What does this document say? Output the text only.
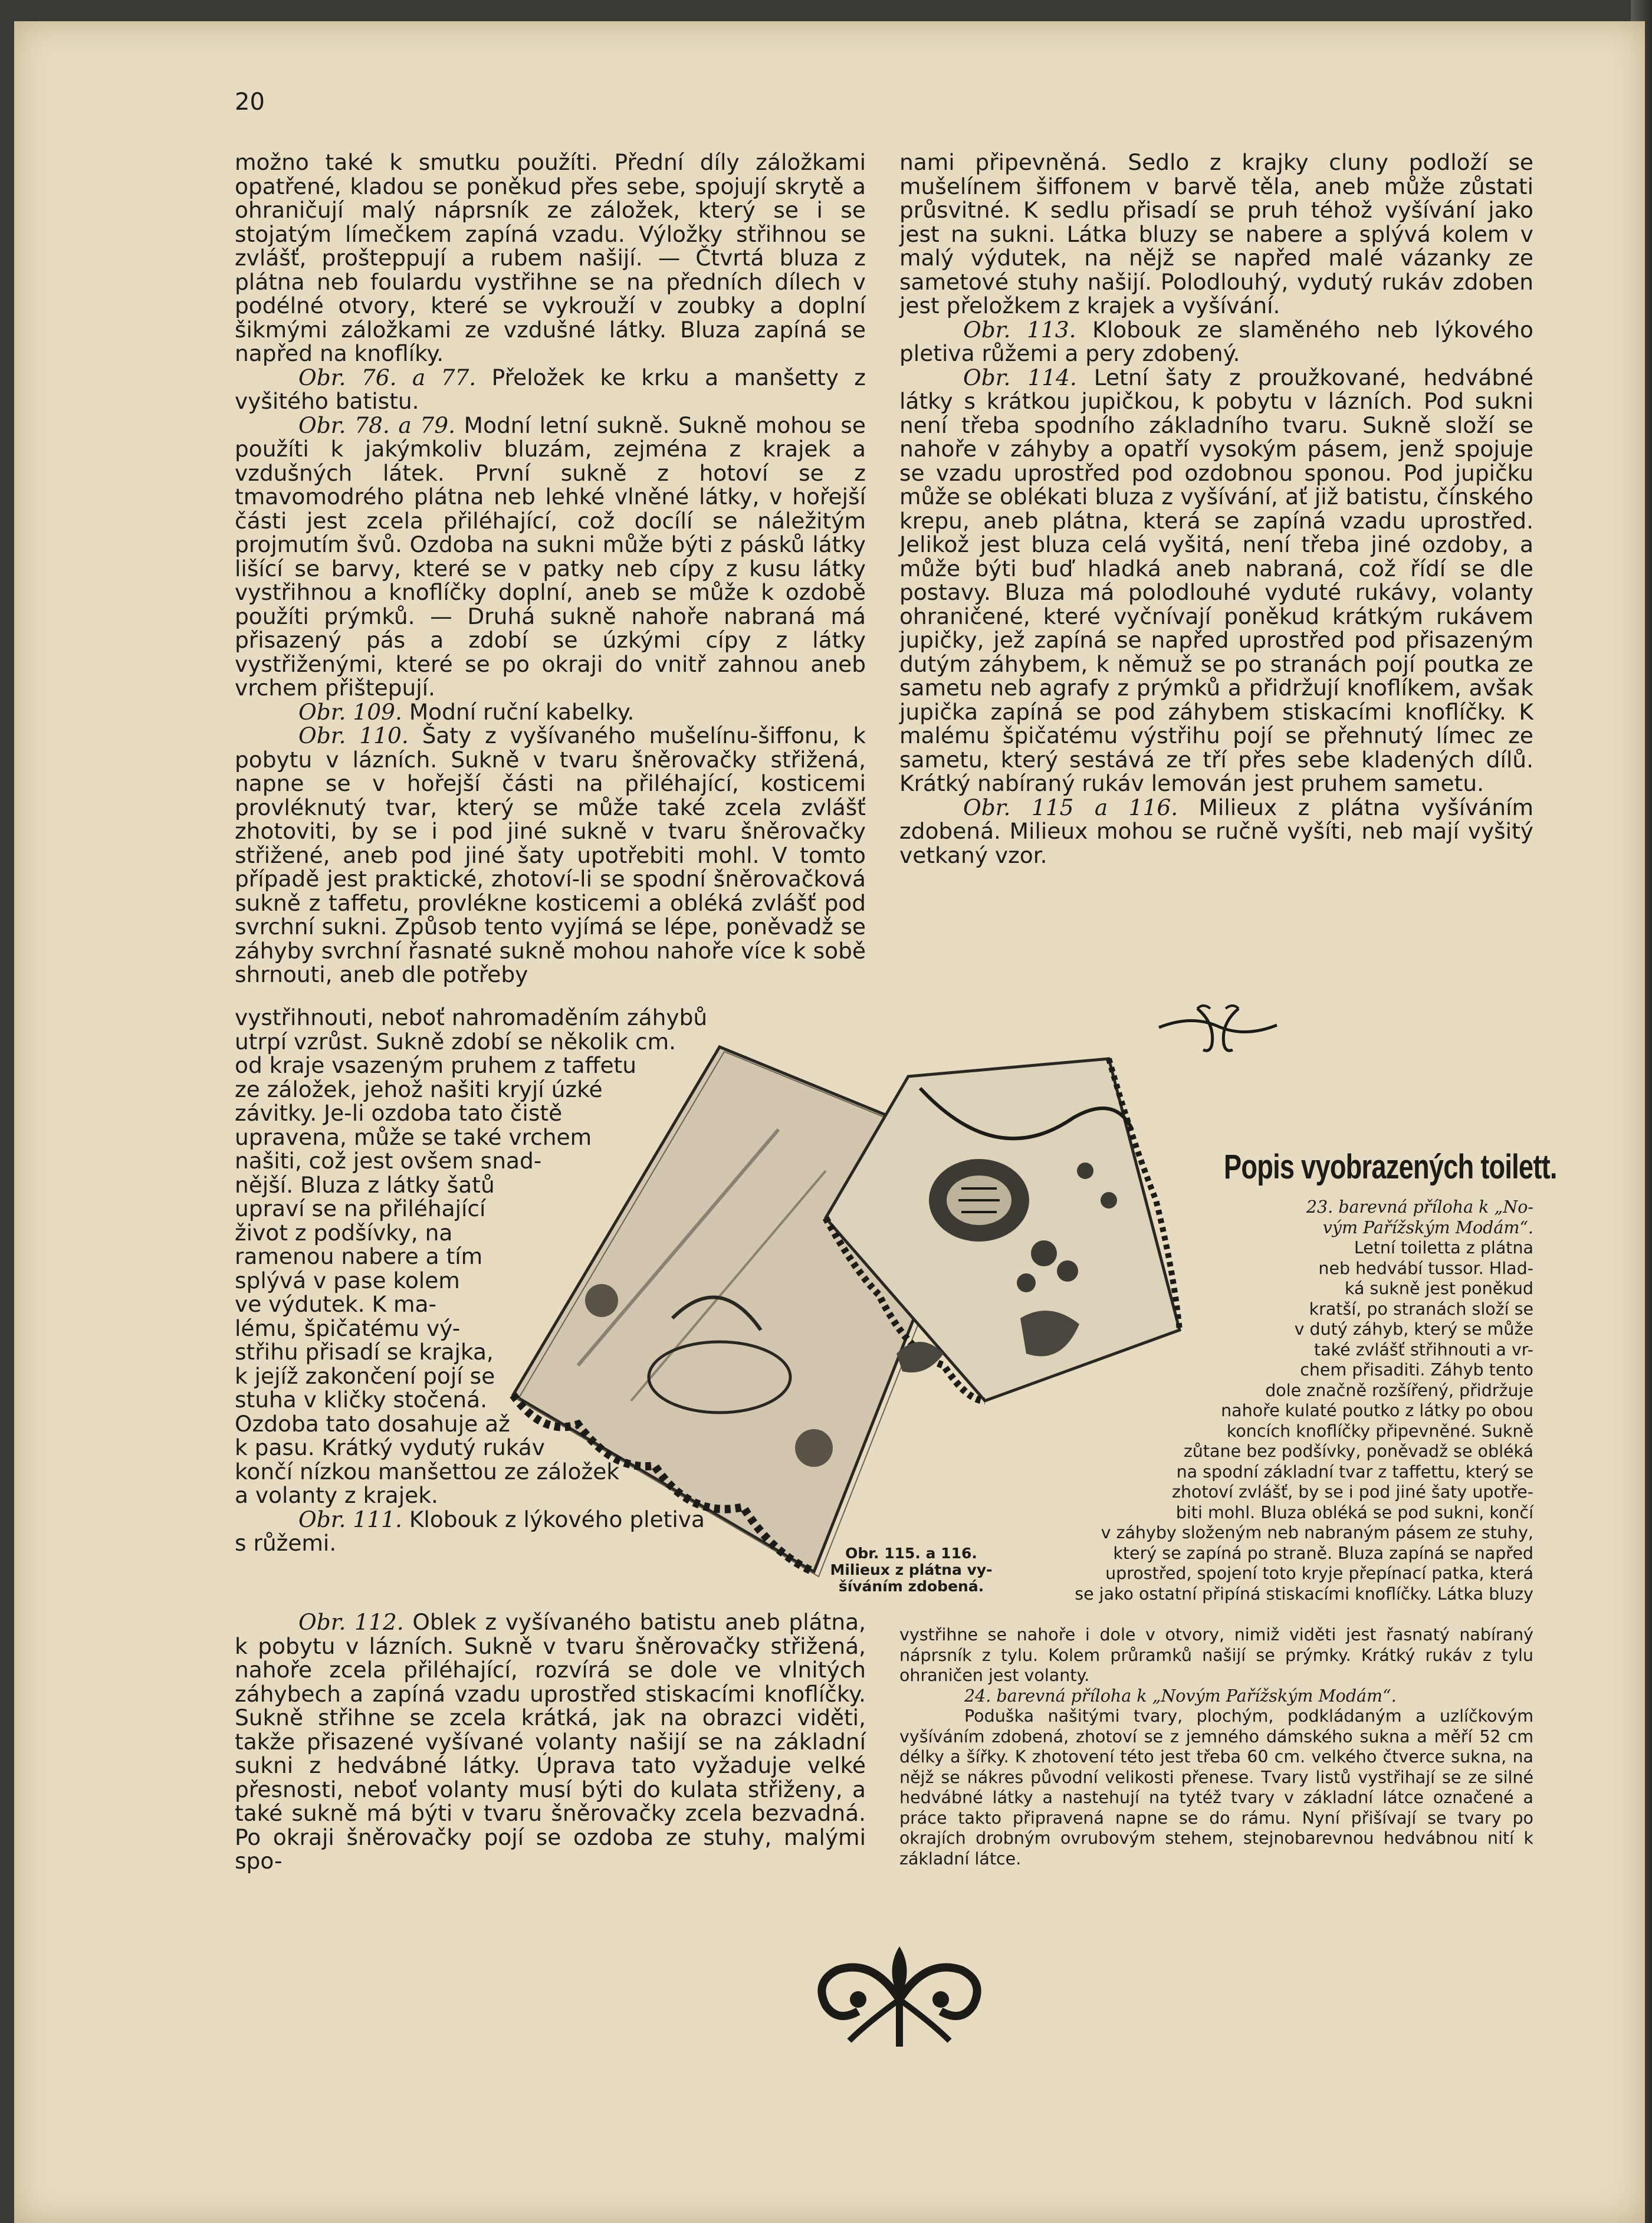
20

možno také k smutku použíti. Přední díly záložkami opatřené, kladou se poněkud přes sebe, spojují skrytě a ohraničují malý náprsník ze záložek, který se i se stojatým límečkem zapíná vzadu. Výložky střihnou se zvlášť, prošteppují a rubem našijí. — Čtvrtá bluza z plátna neb foulardu vystřihne se na předních dílech v podélné otvory, které se vykrouží v zoubky a doplní šikmými záložkami ze vzdušné látky. Bluza zapíná se napřed na knoflíky.

Obr. 76. a 77. Přeložek ke krku a manšetty z vyšitého batistu.

Obr. 78. a 79. Modní letní sukně. Sukně mohou se použíti k jakýmkoliv bluzám, zejména z krajek a vzdušných látek. První sukně z hotoví se z tmavomodrého plátna neb lehké vlněné látky, v hořejší části jest zcela přiléhající, což docílí se náležitým projmutím švů. Ozdoba na sukni může býti z pásků látky lišící se barvy, které se v patky neb cípy z kusu látky vystřihnou a knoflíčky doplní, aneb se může k ozdobě použíti prýmků. — Druhá sukně nahoře nabraná má přisazený pás a zdobí se úzkými cípy z látky vystřiženými, které se po okraji do vnitř zahnou aneb vrchem přištepují.

Obr. 109. Modní ruční kabelky.

Obr. 110. Šaty z vyšívaného mušelínu-šiffonu, k pobytu v lázních. Sukně v tvaru šněrovačky střižená, napne se v hořejší části na přiléhající, kosticemi provléknutý tvar, který se může také zcela zvlášť zhotoviti, by se i pod jiné sukně v tvaru šněrovačky střižené, aneb pod jiné šaty upotřebiti mohl. V tomto případě jest praktické, zhotoví-li se spodní šněrovačková sukně z taffetu, provlékne kosticemi a obléká zvlášť pod svrchní sukni. Způsob tento vyjímá se lépe, poněvadž se záhyby svrchní řasnaté sukně mohou nahoře více k sobě shrnouti, aneb dle potřeby

vystřihnouti, neboť nahromaděním záhybů
utrpí vzrůst. Sukně zdobí se několik cm.
od kraje vsazeným pruhem z taffetu
ze záložek, jehož našiti kryjí úzké
závitky. Je-li ozdoba tato čistě
upravena, může se také vrchem
našiti, což jest ovšem snad-
nější. Bluza z látky šatů
upraví se na přiléhající
život z podšívky, na
ramenou nabere a tím
splývá v pase kolem
ve výdutek. K ma-
lému, špičatému vý-
střihu přisadí se krajka,
k jejíž zakončení pojí se
stuha v kličky stočená.
Ozdoba tato dosahuje až
k pasu. Krátký vydutý rukáv
končí nízkou manšettou ze záložek
a volanty z krajek.
Obr. 111. Klobouk z lýkového pletiva s růžemi.

Obr. 112. Oblek z vyšívaného batistu aneb plátna, k pobytu v lázních. Sukně v tvaru šněrovačky střižená, nahoře zcela přiléhající, rozvírá se dole ve vlnitých záhybech a zapíná vzadu uprostřed stiskacími knoflíčky. Sukně střihne se zcela krátká, jak na obrazci viděti, takže přisazené vyšívané volanty našijí se na základní sukni z hedvábné látky. Úprava tato vyžaduje velké přesnosti, neboť volanty musí býti do kulata střiženy, a také sukně má býti v tvaru šněrovačky zcela bezvadná. Po okraji šněrovačky pojí se ozdoba ze stuhy, malými spo-

nami připevněná. Sedlo z krajky cluny podloží se mušelínem šiffonem v barvě těla, aneb může zůstati průsvitné. K sedlu přisadí se pruh téhož vyšívání jako jest na sukni. Látka bluzy se nabere a splývá kolem v malý výdutek, na nějž se napřed malé vázanky ze sametové stuhy našijí. Polodlouhý, vydutý rukáv zdoben jest přeložkem z krajek a vyšívání.

Obr. 113. Klobouk ze slaměného neb lýkového pletiva růžemi a pery zdobený.

Obr. 114. Letní šaty z proužkované, hedvábné látky s krátkou jupičkou, k pobytu v lázních. Pod sukni není třeba spodního základního tvaru. Sukně složí se nahoře v záhyby a opatří vysokým pásem, jenž spojuje se vzadu uprostřed pod ozdobnou sponou. Pod jupičku může se oblékati bluza z vyšívání, ať již batistu, čínského krepu, aneb plátna, která se zapíná vzadu uprostřed. Jelikož jest bluza celá vyšitá, není třeba jiné ozdoby, a může býti buď hladká aneb nabraná, což řídí se dle postavy. Bluza má polodlouhé vyduté rukávy, volanty ohraničené, které vyčnívají poněkud krátkým rukávem jupičky, jež zapíná se napřed uprostřed pod přisazeným dutým záhybem, k němuž se po stranách pojí poutka ze sametu neb agrafy z prýmků a přidržují knoflíkem, avšak jupička zapíná se pod záhybem stiskacími knoflíčky. K malému špičatému výstřihu pojí se přehnutý límec ze sametu, který sestává ze tří přes sebe kladených dílů. Krátký nabíraný rukáv lemován jest pruhem sametu.

Obr. 115 a 116. Milieux z plátna vyšíváním zdobená. Milieux mohou se ručně vyšíti, neb mají vyšitý vetkaný vzor.

Popis vyobrazených toilett.
Obr. 115. a 116.
Milieux z plátna vy-
šíváním zdobená.
23. barevná příloha k „No-
vým Pařížským Modám“.
Letní toiletta z plátna
neb hedvábí tussor. Hlad-
ká sukně jest poněkud
kratší, po stranách složí se
v dutý záhyb, který se může
také zvlášť střihnouti a vr-
chem přisaditi. Záhyb tento
dole značně rozšířený, přidržuje
nahoře kulaté poutko z látky po obou
koncích knoflíčky připevněné. Sukně
zůtane bez podšívky, poněvadž se obléká
na spodní základní tvar z taffettu, který se
zhotoví zvlášť, by se i pod jiné šaty upotře-
biti mohl. Bluza obléká se pod sukni, končí
v záhyby složeným neb nabraným pásem ze stuhy,
který se zapíná po straně. Bluza zapíná se napřed
uprostřed, spojení toto kryje přepínací patka, která
se jako ostatní připíná stiskacími knoflíčky. Látka bluzy

vystřihne se nahoře i dole v otvory, nimiž viděti jest řasnatý nabíraný náprsník z tylu. Kolem průramků našijí se prýmky. Krátký rukáv z tylu ohraničen jest volanty.

24. barevná příloha k „Novým Pařížským Modám“.

Poduška našitými tvary, plochým, podkládaným a uzlíčkovým vyšíváním zdobená, zhotoví se z jemného dámského sukna a měří 52 cm délky a šířky. K zhotovení této jest třeba 60 cm. velkého čtverce sukna, na nějž se nákres původní velikosti přenese. Tvary listů vystřihají se ze silné hedvábné látky a nastehují na tytéž tvary v základní látce označené a práce takto připravená napne se do rámu. Nyní přišívají se tvary po okrajích drobným ovrubovým stehem, stejnobarevnou hedvábnou nití k základní látce.
